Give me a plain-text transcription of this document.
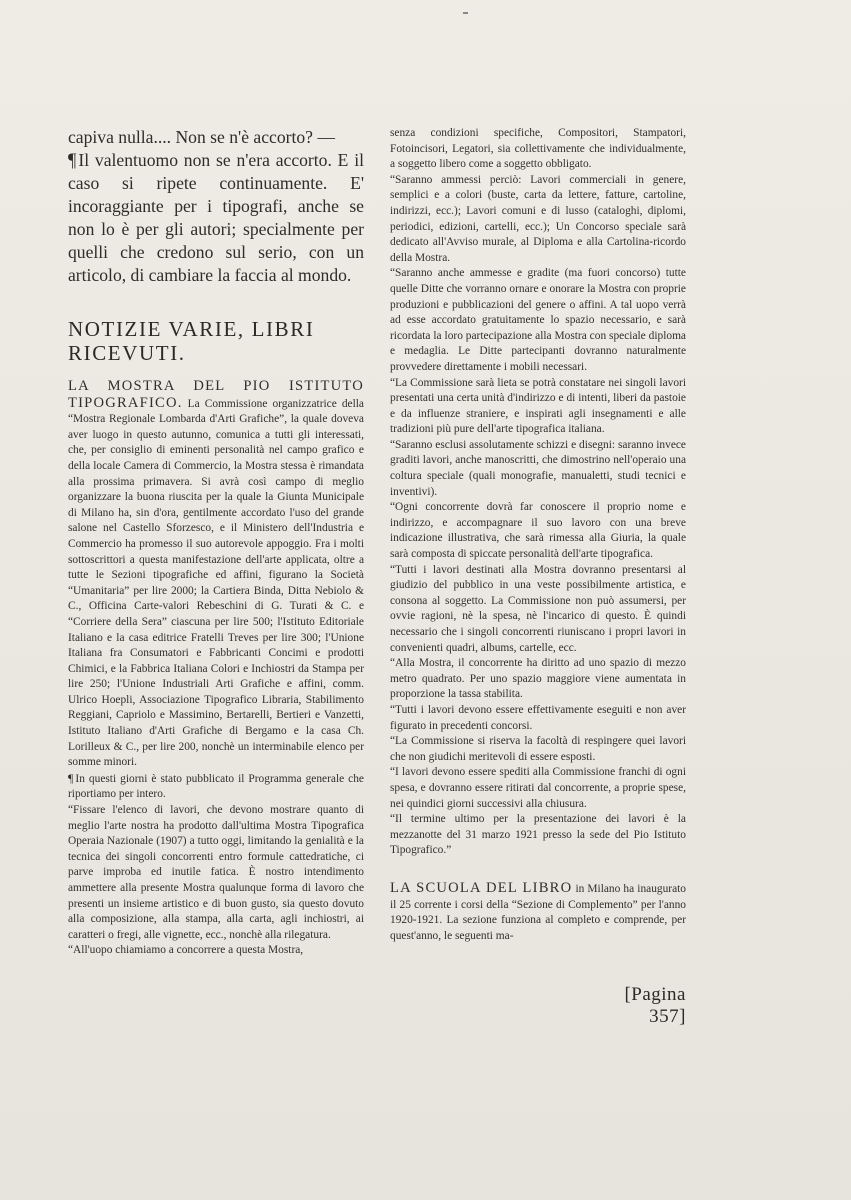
capiva nulla.... Non se n'è accorto? —

¶ Il valentuomo non se n'era accorto. E il caso si ripete continuamente. E' incoraggiante per i tipografi, anche se non lo è per gli autori; specialmente per quelli che credono sul serio, con un articolo, di cambiare la faccia al mondo.

NOTIZIE VARIE, LIBRI RICEVUTI.

LA MOSTRA DEL PIO ISTITUTO TIPOGRAFICO. La Commissione organizzatrice della “Mostra Regionale Lombarda d'Arti Grafiche”, la quale doveva aver luogo in questo autunno, comunica a tutti gli interessati, che, per consiglio di eminenti personalità nel campo grafico e della locale Camera di Commercio, la Mostra stessa è rimandata alla prossima primavera. Si avrà così campo di meglio organizzare la buona riuscita per la quale la Giunta Municipale di Milano ha, sin d'ora, gentilmente accordato l'uso del grande salone nel Castello Sforzesco, e il Ministero dell'Industria e Commercio ha promesso il suo autorevole appoggio. Fra i molti sottoscrittori a questa manifestazione dell'arte applicata, oltre a tutte le Sezioni tipografiche ed affini, figurano la Società “Umanitaria” per lire 2000; la Cartiera Binda, Ditta Nebiolo & C., Officina Carte-valori Rebeschini di G. Turati & C. e “Corriere della Sera” ciascuna per lire 500; l'Istituto Editoriale Italiano e la casa editrice Fratelli Treves per lire 300; l'Unione Italiana fra Consumatori e Fabbricanti Concimi e prodotti Chimici, e la Fabbrica Italiana Colori e Inchiostri da Stampa per lire 250; l'Unione Industriali Arti Grafiche e affini, comm. Ulrico Hoepli, Associazione Tipografico Libraria, Stabilimento Reggiani, Capriolo e Massimino, Bertarelli, Bertieri e Vanzetti, Istituto Italiano d'Arti Grafiche di Bergamo e la casa Ch. Lorilleux & C., per lire 200, nonchè un interminabile elenco per somme minori.

¶ In questi giorni è stato pubblicato il Programma generale che riportiamo per intero.

“Fissare l'elenco di lavori, che devono mostrare quanto di meglio l'arte nostra ha prodotto dall'ultima Mostra Tipografica Operaia Nazionale (1907) a tutto oggi, limitando la genialità e la tecnica dei singoli concorrenti entro formule cattedratiche, ci parve improba ed inutile fatica. È nostro intendimento ammettere alla presente Mostra qualunque forma di lavoro che presenti un insieme artistico e di buon gusto, sia questo dovuto alla composizione, alla stampa, alla carta, agli inchiostri, ai caratteri o fregi, alle vignette, ecc., nonchè alla rilegatura.

“All'uopo chiamiamo a concorrere a questa Mostra,

senza condizioni specifiche, Compositori, Stampatori, Fotoincisori, Legatori, sia collettivamente che individualmente, a soggetto libero come a soggetto obbligato.

“Saranno ammessi perciò: Lavori commerciali in genere, semplici e a colori (buste, carta da lettere, fatture, cartoline, indirizzi, ecc.); Lavori comuni e di lusso (cataloghi, diplomi, periodici, edizioni, cartelli, ecc.); Un Concorso speciale sarà dedicato all'Avviso murale, al Diploma e alla Cartolina-ricordo della Mostra.

“Saranno anche ammesse e gradite (ma fuori concorso) tutte quelle Ditte che vorranno ornare e onorare la Mostra con proprie produzioni e pubblicazioni del genere o affini. A tal uopo verrà ad esse accordato gratuitamente lo spazio necessario, e sarà ricordata la loro partecipazione alla Mostra con speciale diploma e medaglia. Le Ditte partecipanti dovranno naturalmente provvedere direttamente i mobili necessari.

“La Commissione sarà lieta se potrà constatare nei singoli lavori presentati una certa unità d'indirizzo e di intenti, liberi da pastoie e da influenze straniere, e inspirati agli insegnamenti e alle tradizioni più pure dell'arte tipografica italiana.

“Saranno esclusi assolutamente schizzi e disegni: saranno invece graditi lavori, anche manoscritti, che dimostrino nell'operaio una coltura speciale (quali monografie, manualetti, studi tecnici e inventivi).

“Ogni concorrente dovrà far conoscere il proprio nome e indirizzo, e accompagnare il suo lavoro con una breve indicazione illustrativa, che sarà rimessa alla Giuria, la quale sarà composta di spiccate personalità dell'arte tipografica.

“Tutti i lavori destinati alla Mostra dovranno presentarsi al giudizio del pubblico in una veste possibilmente artistica, e consona al soggetto. La Commissione non può assumersi, per ovvie ragioni, nè la spesa, nè l'incarico di questo. È quindi necessario che i singoli concorrenti riuniscano i propri lavori in convenienti quadri, albums, cartelle, ecc.

“Alla Mostra, il concorrente ha diritto ad uno spazio di mezzo metro quadrato. Per uno spazio maggiore viene aumentata in proporzione la tassa stabilita.

“Tutti i lavori devono essere effettivamente eseguiti e non aver figurato in precedenti concorsi.

“La Commissione si riserva la facoltà di respingere quei lavori che non giudichi meritevoli di essere esposti.

“I lavori devono essere spediti alla Commissione franchi di ogni spesa, e dovranno essere ritirati dal concorrente, a proprie spese, nei quindici giorni successivi alla chiusura.

“Il termine ultimo per la presentazione dei lavori è la mezzanotte del 31 marzo 1921 presso la sede del Pio Istituto Tipografico.”

LA SCUOLA DEL LIBRO in Milano ha inaugurato il 25 corrente i corsi della “Sezione di Complemento” per l'anno 1920-1921. La sezione funziona al completo e comprende, per quest'anno, le seguenti ma-

[Pagina 357]
